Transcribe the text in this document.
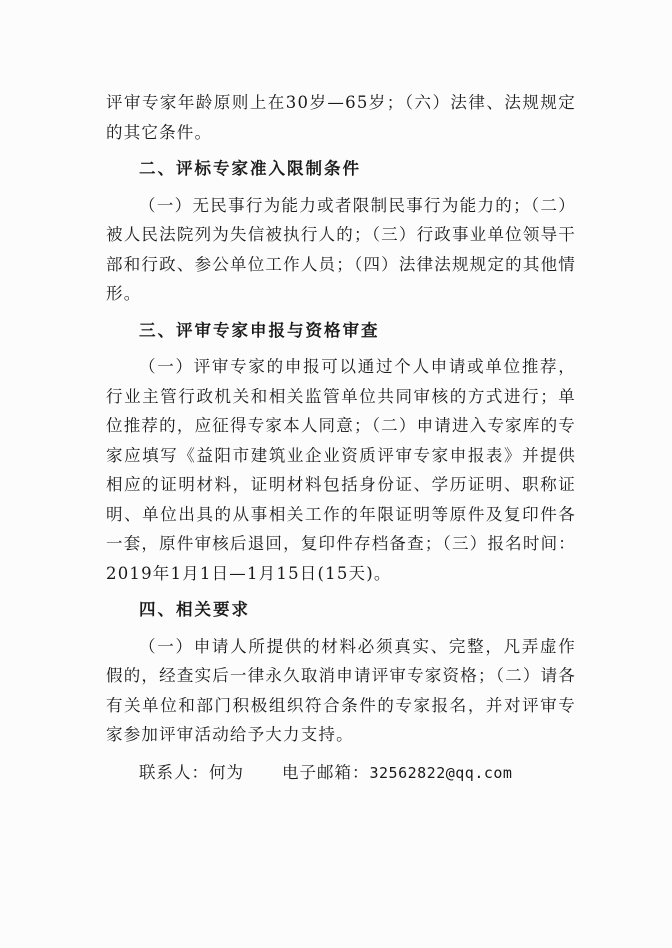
评审专家年龄原则上在30岁—65岁；（六）法律、法规规定的其它条件。

二、评标专家准入限制条件

（一）无民事行为能力或者限制民事行为能力的；（二）被人民法院列为失信被执行人的；（三）行政事业单位领导干部和行政、参公单位工作人员；（四）法律法规规定的其他情形。

三、评审专家申报与资格审查

（一）评审专家的申报可以通过个人申请或单位推荐，行业主管行政机关和相关监管单位共同审核的方式进行；单位推荐的，应征得专家本人同意；（二）申请进入专家库的专家应填写《益阳市建筑业企业资质评审专家申报表》并提供相应的证明材料，证明材料包括身份证、学历证明、职称证明、单位出具的从事相关工作的年限证明等原件及复印件各一套，原件审核后退回，复印件存档备查；（三）报名时间：2019年1月1日—1月15日(15天)。

四、相关要求

（一）申请人所提供的材料必须真实、完整，凡弄虚作假的，经查实后一律永久取消申请评审专家资格；（二）请各有关单位和部门积极组织符合条件的专家报名，并对评审专家参加评审活动给予大力支持。

联系人：何为 电子邮箱：32562822@qq.com
